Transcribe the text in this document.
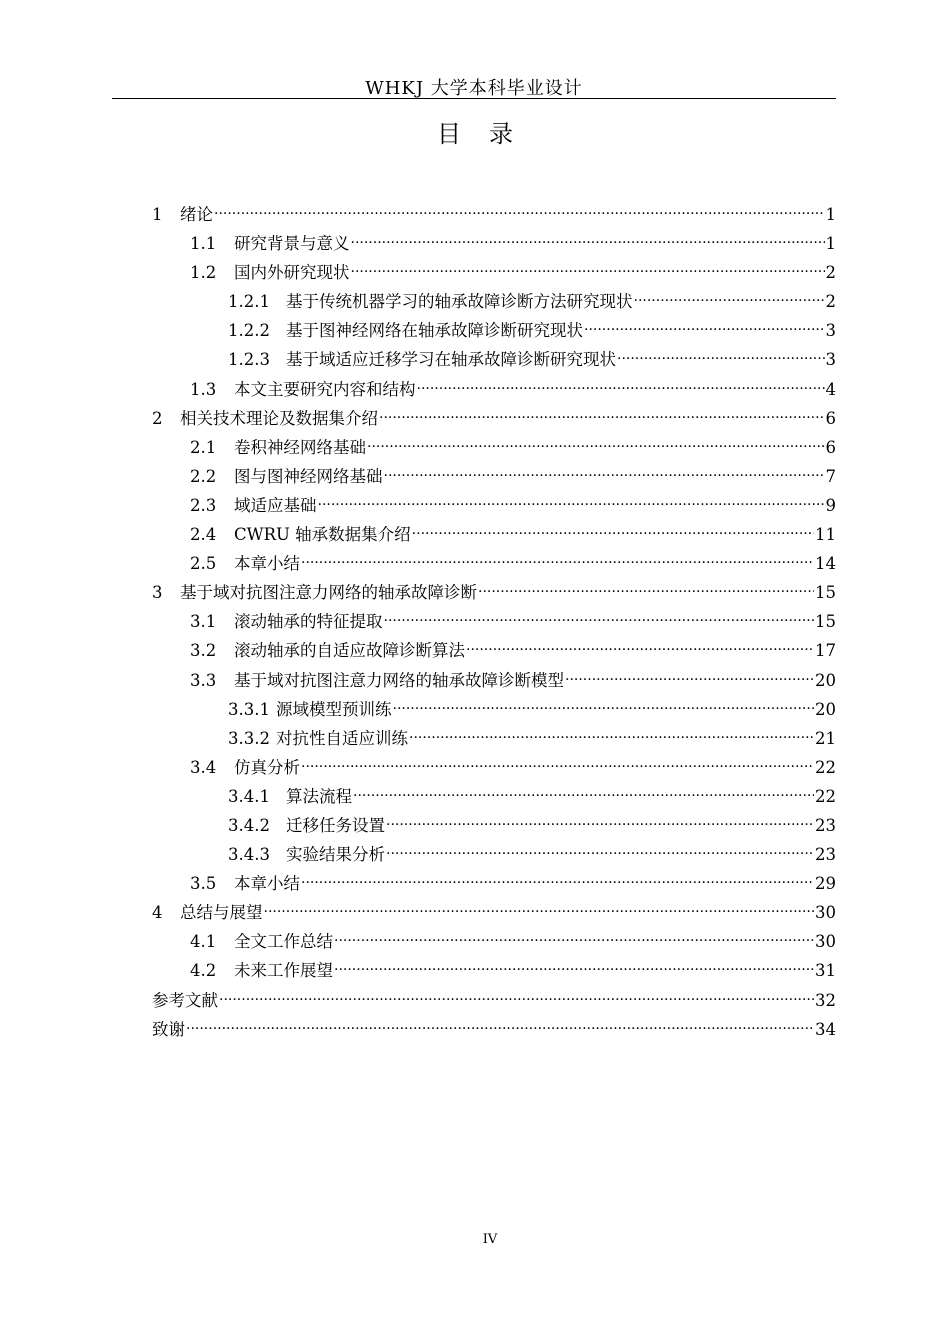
WHKJ 大学本科毕业设计
目录
1	绪论 .....	1
1.1	研究背景与意义 .....	1
1.2	国内外研究现状 .....	2
1.2.1 基于传统机器学习的轴承故障诊断方法研究现状 .....	2
1.2.2 基于图神经网络在轴承故障诊断研究现状 .....	3
1.2.3 基于域适应迁移学习在轴承故障诊断研究现状 .....	3
1.3	本文主要研究内容和结构 .....	4
2	相关技术理论及数据集介绍 .....	6
2.1	卷积神经网络基础 .....	6
2.2	图与图神经网络基础 .....	7
2.3	域适应基础 .....	9
2.4	CWRU 轴承数据集介绍 .....	11
2.5	本章小结 .....	14
3	基于域对抗图注意力网络的轴承故障诊断 .....	15
3.1	滚动轴承的特征提取 .....	15
3.2	滚动轴承的自适应故障诊断算法 .....	17
3.3	基于域对抗图注意力网络的轴承故障诊断模型 .....	20
3.3.1 源域模型预训练 .....	20
3.3.2 对抗性自适应训练 .....	21
3.4	仿真分析 .....	22
3.4.1 算法流程 .....	22
3.4.2 迁移任务设置 .....	23
3.4.3 实验结果分析 .....	23
3.5	本章小结 .....	29
4	总结与展望 .....	30
4.1	全文工作总结 .....	30
4.2	未来工作展望 .....	31
参考文献 .....	32
致谢 .....	34
IV
